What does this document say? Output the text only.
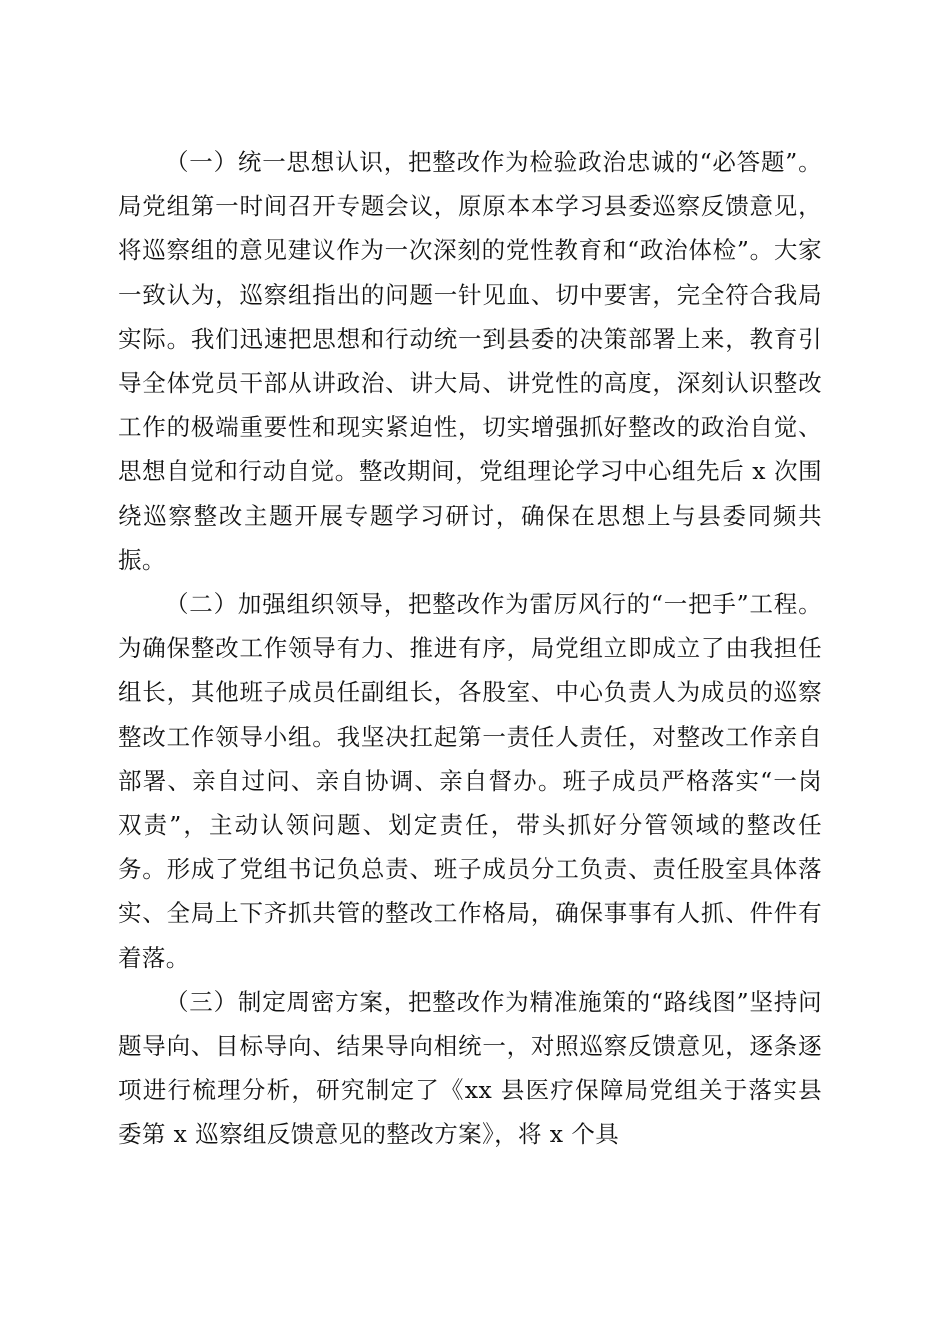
（一）统一思想认识，把整改作为检验政治忠诚的“必答题”。局党组第一时间召开专题会议，原原本本学习县委巡察反馈意见，将巡察组的意见建议作为一次深刻的党性教育和“政治体检”。大家一致认为，巡察组指出的问题一针见血、切中要害，完全符合我局实际。我们迅速把思想和行动统一到县委的决策部署上来，教育引导全体党员干部从讲政治、讲大局、讲党性的高度，深刻认识整改工作的极端重要性和现实紧迫性，切实增强抓好整改的政治自觉、思想自觉和行动自觉。整改期间，党组理论学习中心组先后 x 次围绕巡察整改主题开展专题学习研讨，确保在思想上与县委同频共振。

（二）加强组织领导，把整改作为雷厉风行的“一把手”工程。为确保整改工作领导有力、推进有序，局党组立即成立了由我担任组长，其他班子成员任副组长，各股室、中心负责人为成员的巡察整改工作领导小组。我坚决扛起第一责任人责任，对整改工作亲自部署、亲自过问、亲自协调、亲自督办。班子成员严格落实“一岗双责”，主动认领问题、划定责任，带头抓好分管领域的整改任务。形成了党组书记负总责、班子成员分工负责、责任股室具体落实、全局上下齐抓共管的整改工作格局，确保事事有人抓、件件有着落。

（三）制定周密方案，把整改作为精准施策的“路线图”坚持问题导向、目标导向、结果导向相统一，对照巡察反馈意见，逐条逐项进行梳理分析，研究制定了《xx 县医疗保障局党组关于落实县委第 x 巡察组反馈意见的整改方案》，将 x 个具
